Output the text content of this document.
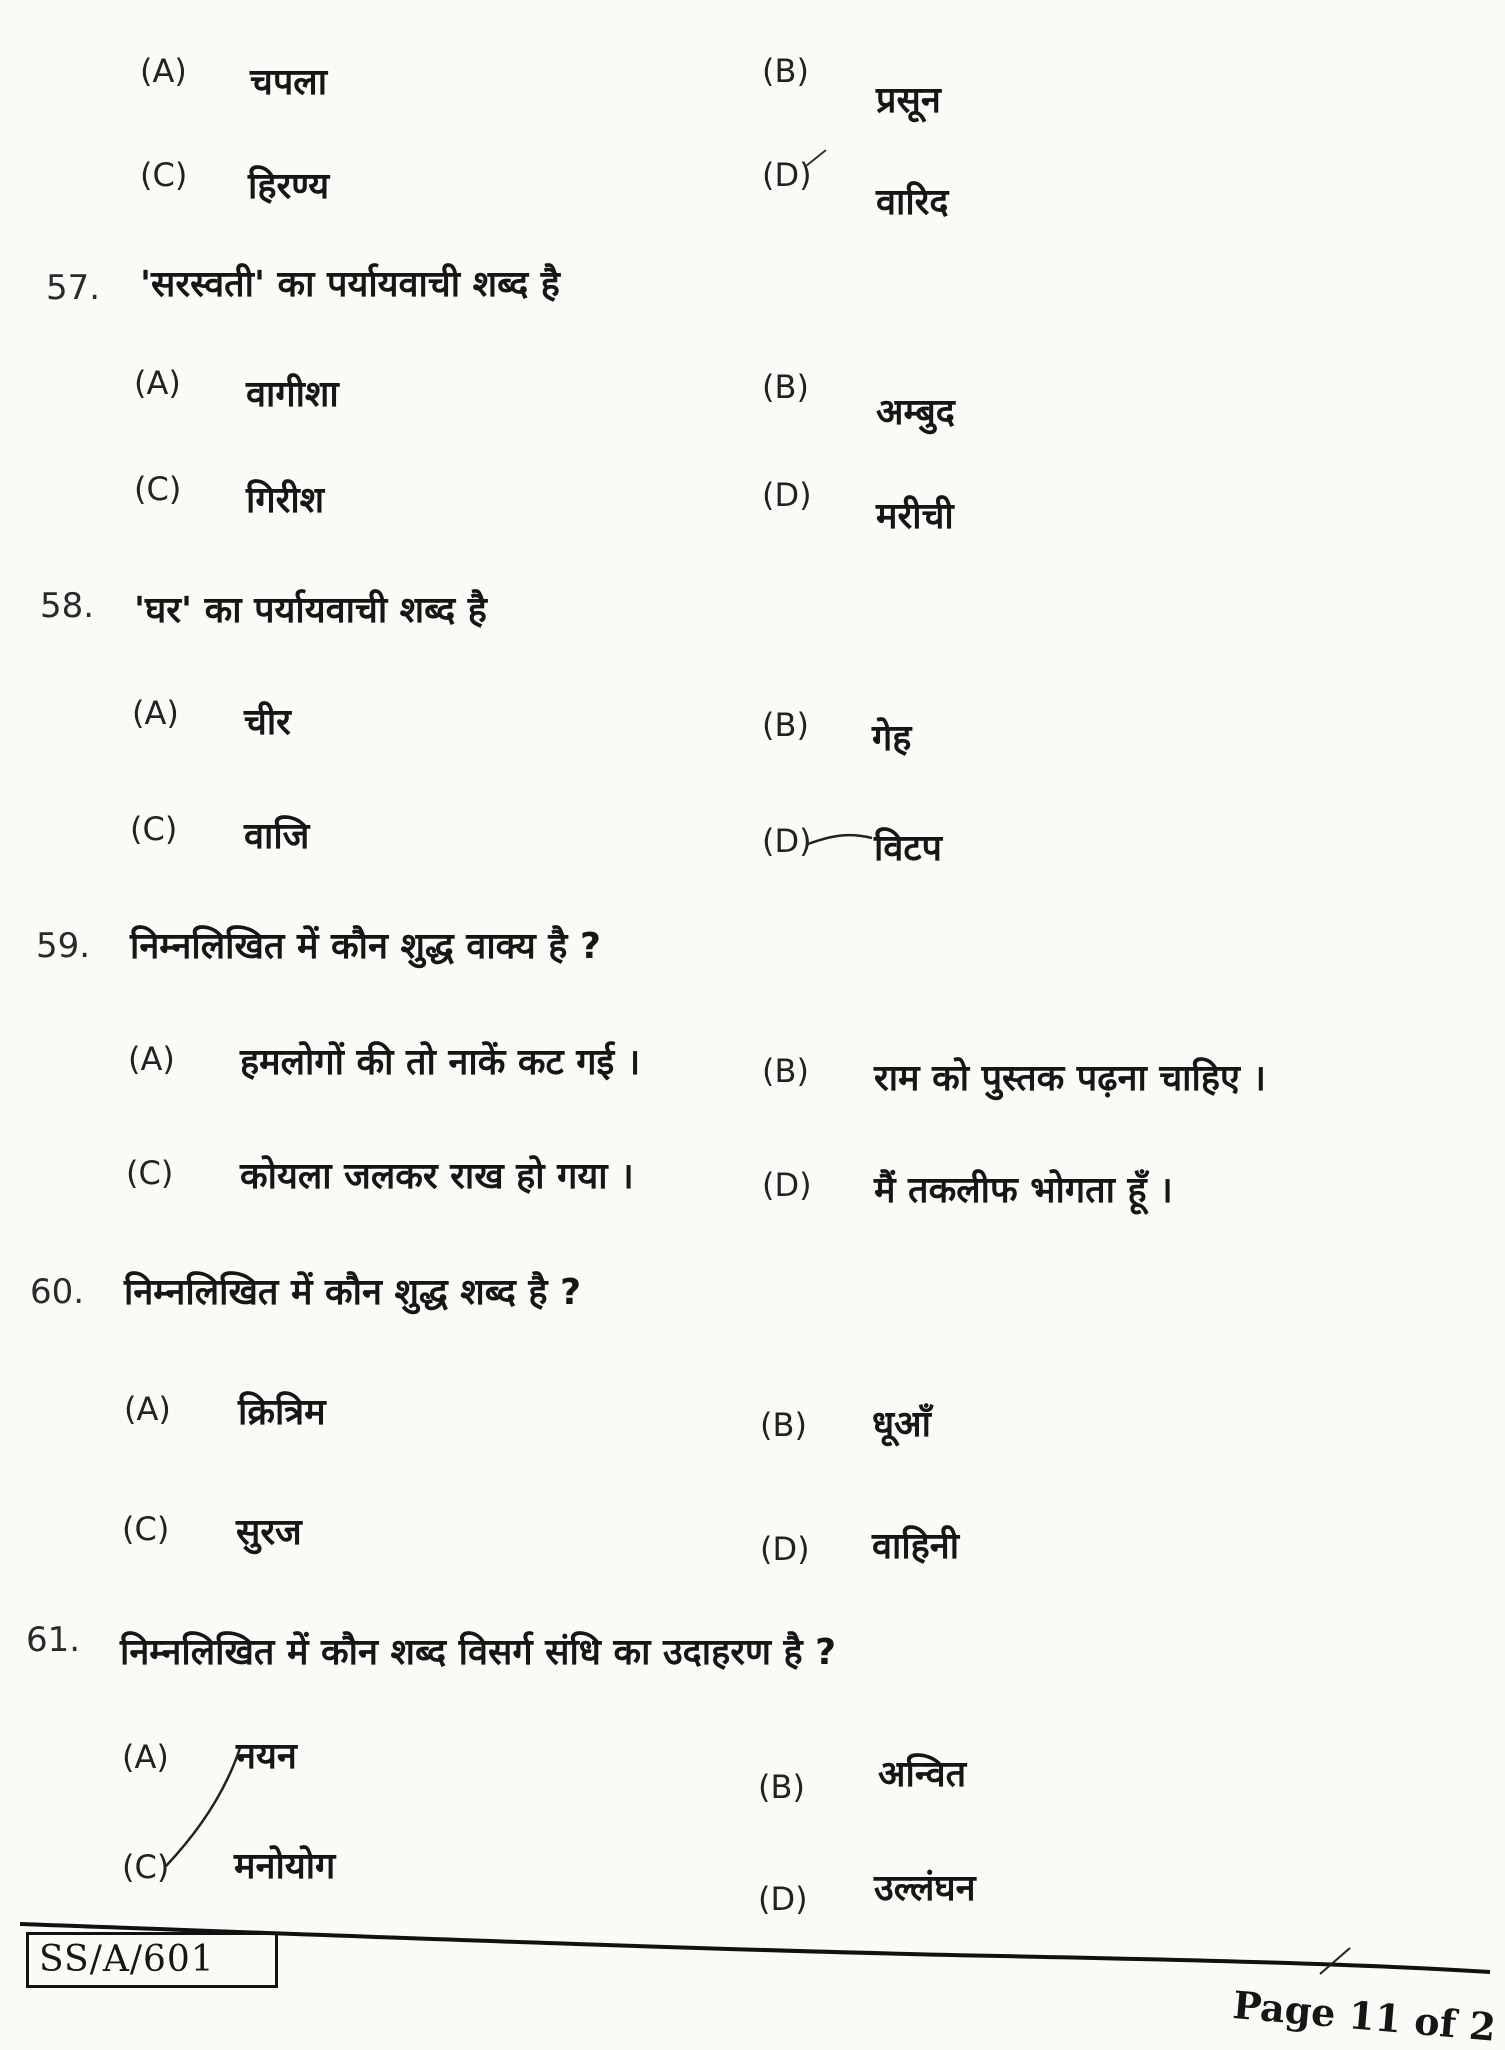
(A) चपला	(B)
प्रसून
(C) हिरण्य	(D)
वारिद
57. 'सरस्वती' का पर्यायवाची शब्द है
(A) वागीशा	(B)
अम्बुद
(C) गिरीश	(D)
मरीची
58. 'घर' का पर्यायवाची शब्द है
(A) चीर	(B) गेह
(C) वाजि	(D) विटप
59. निम्नलिखित में कौन शुद्ध वाक्य है ?
(A) हमलोगों की तो नाकें कट गई ।	(B) राम को पुस्तक पढ़ना चाहिए ।
(C) कोयला जलकर राख हो गया ।	(D) मैं तकलीफ भोगता हूँ ।
60. निम्नलिखित में कौन शुद्ध शब्द है ?
(A) क्रित्रिम	(B) धूआँ
(C) सुरज	(D) वाहिनी
61. निम्नलिखित में कौन शब्द विसर्ग संधि का उदाहरण है ?
(A) नयन
(B) अन्वित
(C) मनोयोग
(D) उल्लंघन
SS/A/601
Page 11 of 2
